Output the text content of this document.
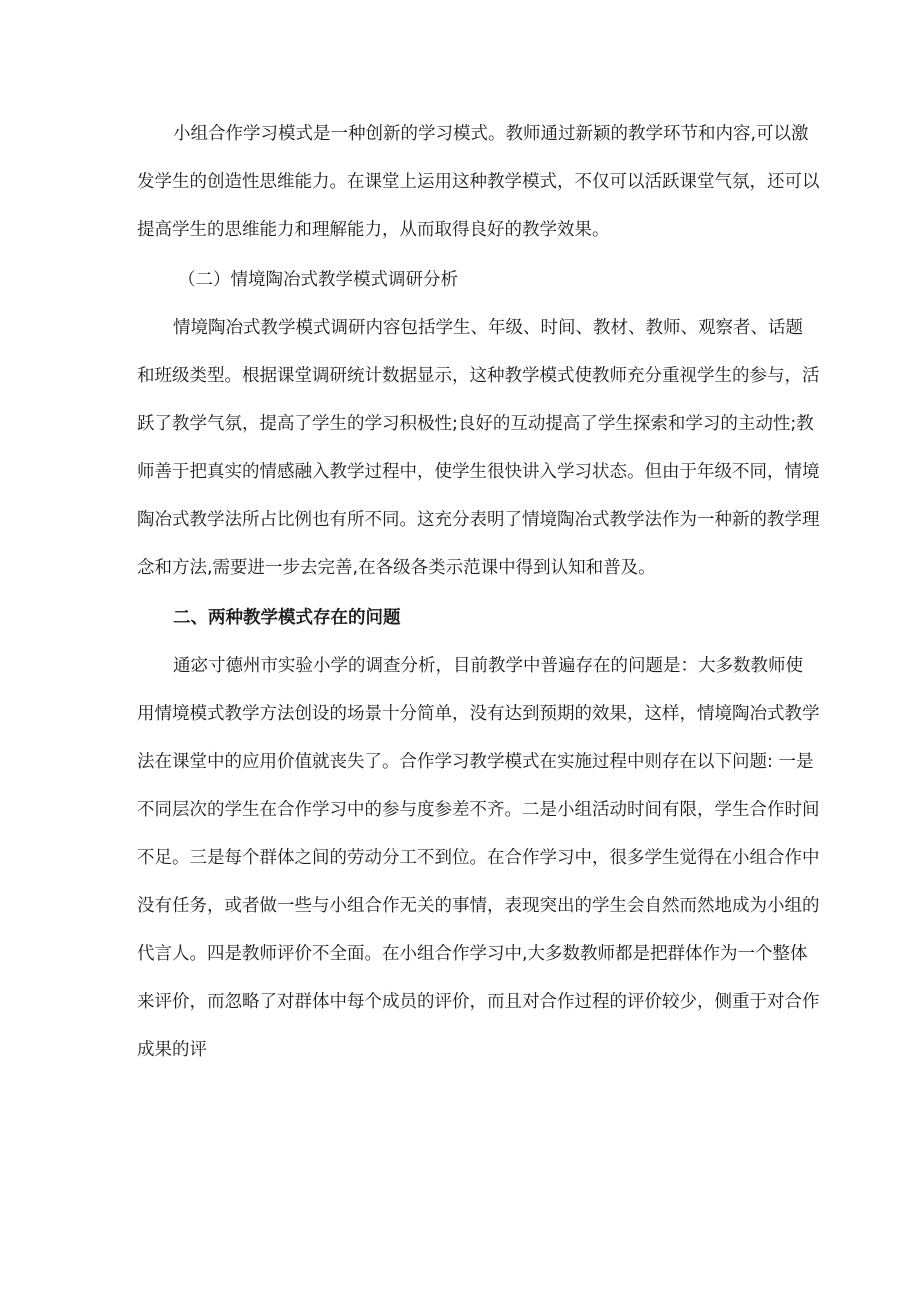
小组合作学习模式是一种创新的学习模式。教师通过新颖的教学环节和内容,可以激
发学生的创造性思维能力。在课堂上运用这种教学模式，不仅可以活跃课堂气氛，还可以
提高学生的思维能力和理解能力，从而取得良好的教学效果。
（二）情境陶冶式教学模式调研分析
情境陶冶式教学模式调研内容包括学生、年级、时间、教材、教师、观察者、话题
和班级类型。根据课堂调研统计数据显示，这种教学模式使教师充分重视学生的参与，活
跃了教学气氛，提高了学生的学习积极性;良好的互动提高了学生探索和学习的主动性;教
师善于把真实的情感融入教学过程中，使学生很快讲入学习状态。但由于年级不同，情境
陶冶式教学法所占比例也有所不同。这充分表明了情境陶冶式教学法作为一种新的教学理
念和方法,需要进一步去完善,在各级各类示范课中得到认知和普及。
二、两种教学模式存在的问题
通宓寸德州市实验小学的调查分析，目前教学中普遍存在的问题是：大多数教师使
用情境模式教学方法创设的场景十分简单，没有达到预期的效果，这样，情境陶冶式教学
法在课堂中的应用价值就丧失了。合作学习教学模式在实施过程中则存在以下问题: 一是
不同层次的学生在合作学习中的参与度参差不齐。二是小组活动时间有限，学生合作时间
不足。三是每个群体之间的劳动分工不到位。在合作学习中，很多学生觉得在小组合作中
没有任务，或者做一些与小组合作无关的事情，表现突出的学生会自然而然地成为小组的
代言人。四是教师评价不全面。在小组合作学习中,大多数教师都是把群体作为一个整体
来评价，而忽略了对群体中每个成员的评价，而且对合作过程的评价较少，侧重于对合作
成果的评
